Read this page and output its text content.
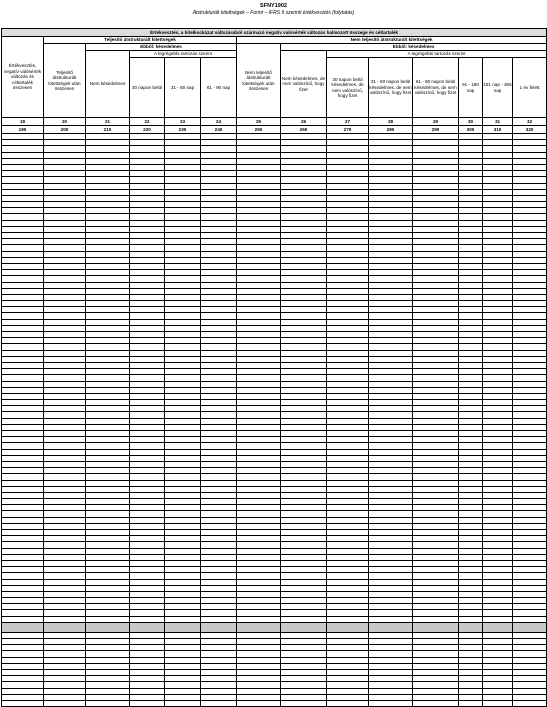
SFNY1902
Átstrukturált kitettségek – Forint – IFRS 9 szerinti értékvesztés (folytatás)
Értékvesztés, a hitelkockázat változásából származó negatív valósérték változás halmozott összege és céltartalék													
Értékvesztés, negatív valósérték változás és céltartalék összesen	Teljesítő átstrukturált kitettségek					Nem teljesítő átstrukturált kitettségek							
	Teljesítő átstrukturált kitettségek után összesen	Ebből: késedelmes				Nem teljesítő átstrukturált kitettségek után összesen	Ebből: késedelmes						
		Nem késedelmes	A legrégebbi tartozás szerint				Nem késedelmes, de nem valószínű, hogy fizet	A legrégebbi tartozás szerint					
			30 napon belül	31 - 60 nap	61 - 90 nap			30 napon belül késedelmes, de nem valószínű, hogy fizet	31 - 60 napon belül késedelmes, de nem valószínű, hogy fizet	61 - 90 napon belül késedelmes, de nem valószínű, hogy fizet	91 - 180 nap	181 nap - 365 nap	1 év felett
19	20	21	22	23	24	25	26	27	28	29	30	31	32
190	200	210	220	230	240	250	260	270	280	290	300	310	320
